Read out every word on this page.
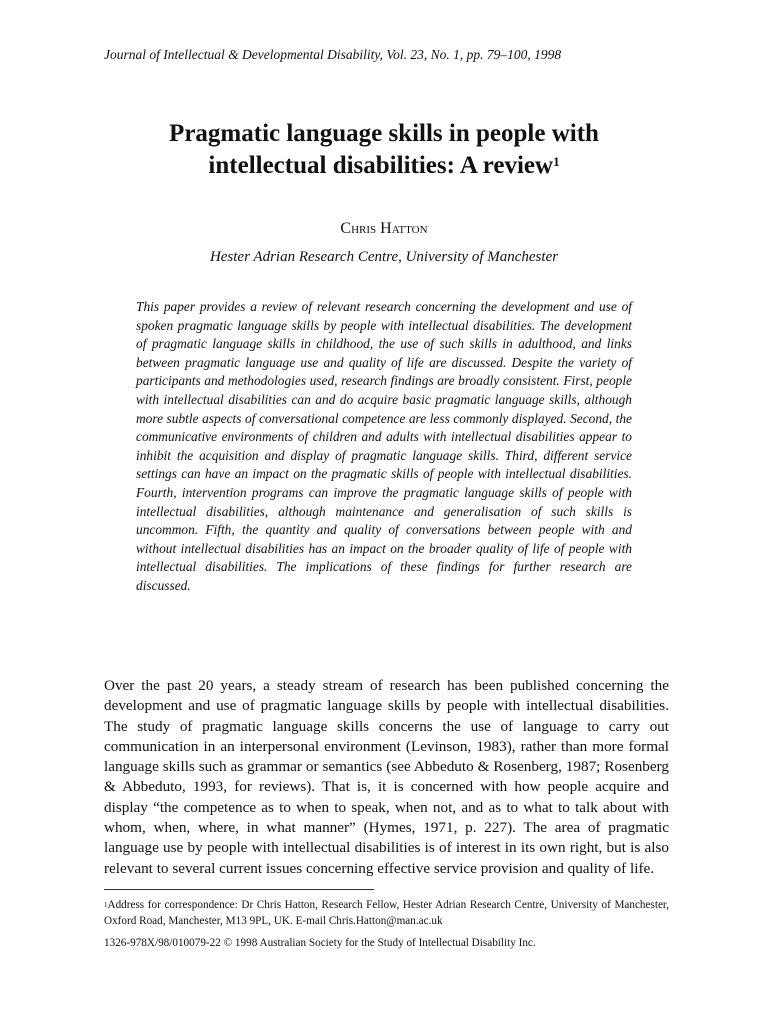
Journal of Intellectual & Developmental Disability, Vol. 23, No. 1, pp. 79–100, 1998
Pragmatic language skills in people with
intellectual disabilities: A review$^1$
Chris Hatton
Hester Adrian Research Centre, University of Manchester
This paper provides a review of relevant research concerning the development and use of spoken pragmatic language skills by people with intellectual disabilities. The development of pragmatic language skills in childhood, the use of such skills in adulthood, and links between pragmatic language use and quality of life are discussed. Despite the variety of participants and methodologies used, research findings are broadly consistent. First, people with intellectual disabilities can and do acquire basic pragmatic language skills, although more subtle aspects of conversational competence are less commonly displayed. Second, the communicative environments of children and adults with intellectual disabilities appear to inhibit the acquisition and display of pragmatic language skills. Third, different service settings can have an impact on the pragmatic skills of people with intellectual disabilities. Fourth, intervention programs can improve the pragmatic language skills of people with intellectual disabilities, although maintenance and generalisation of such skills is uncommon. Fifth, the quantity and quality of conversations between people with and without intellectual disabilities has an impact on the broader quality of life of people with intellectual disabilities. The implications of these findings for further research are discussed.
Over the past 20 years, a steady stream of research has been published concerning the development and use of pragmatic language skills by people with intellectual disabilities. The study of pragmatic language skills concerns the use of language to carry out communication in an interpersonal environment (Levinson, 1983), rather than more formal language skills such as grammar or semantics (see Abbeduto & Rosenberg, 1987; Rosenberg & Abbeduto, 1993, for reviews). That is, it is concerned with how people acquire and display “the competence as to when to speak, when not, and as to what to talk about with whom, when, where, in what manner” (Hymes, 1971, p. 227). The area of pragmatic language use by people with intellectual disabilities is of interest in its own right, but is also relevant to several current issues concerning effective service provision and quality of life.
$^1$Address for correspondence: Dr Chris Hatton, Research Fellow, Hester Adrian Research Centre, University of Manchester, Oxford Road, Manchester, M13 9PL, UK. E-mail Chris.Hatton@man.ac.uk
1326-978X/98/010079-22 © 1998 Australian Society for the Study of Intellectual Disability Inc.
